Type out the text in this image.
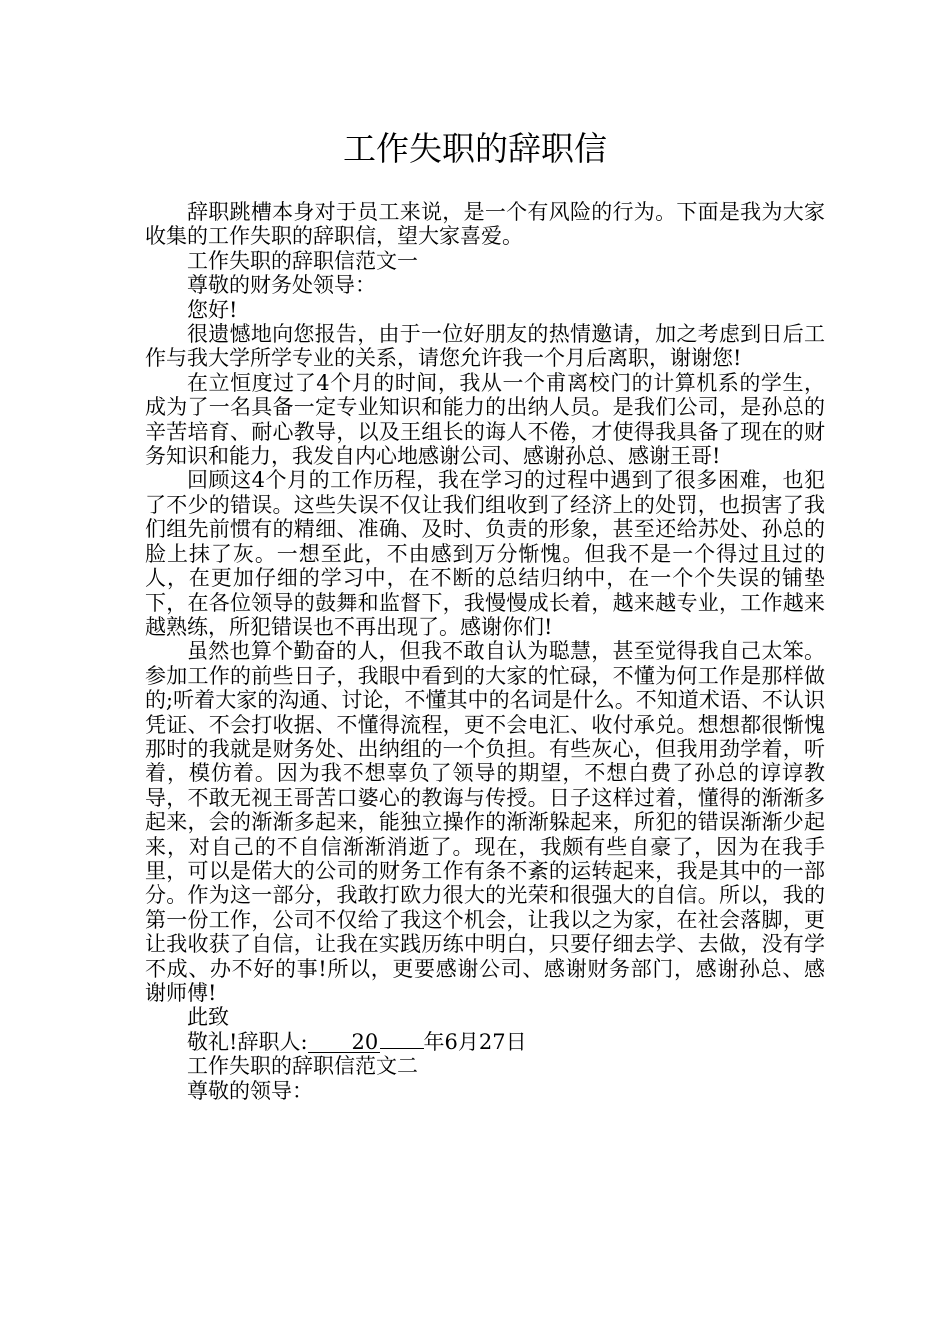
工作失职的辞职信

辞职跳槽本身对于员工来说，是一个有风险的行为。下面是我为大家收集的工作失职的辞职信，望大家喜爱。

工作失职的辞职信范文一

尊敬的财务处领导：

您好!

很遗憾地向您报告，由于一位好朋友的热情邀请，加之考虑到日后工作与我大学所学专业的关系，请您允许我一个月后离职，谢谢您!

在立恒度过了4个月的时间，我从一个甫离校门的计算机系的学生，成为了一名具备一定专业知识和能力的出纳人员。是我们公司，是孙总的辛苦培育、耐心教导，以及王组长的诲人不倦，才使得我具备了现在的财务知识和能力，我发自内心地感谢公司、感谢孙总、感谢王哥!

回顾这4个月的工作历程，我在学习的过程中遇到了很多困难，也犯了不少的错误。这些失误不仅让我们组收到了经济上的处罚，也损害了我们组先前惯有的精细、准确、及时、负责的形象，甚至还给苏处、孙总的脸上抹了灰。一想至此，不由感到万分惭愧。但我不是一个得过且过的人，在更加仔细的学习中，在不断的总结归纳中，在一个个失误的铺垫下，在各位领导的鼓舞和监督下，我慢慢成长着，越来越专业，工作越来越熟练，所犯错误也不再出现了。感谢你们!

虽然也算个勤奋的人，但我不敢自认为聪慧，甚至觉得我自己太笨。参加工作的前些日子，我眼中看到的大家的忙碌，不懂为何工作是那样做的;听着大家的沟通、讨论，不懂其中的名词是什么。不知道术语、不认识凭证、不会打收据、不懂得流程，更不会电汇、收付承兑。想想都很惭愧那时的我就是财务处、出纳组的一个负担。有些灰心，但我用劲学着，听着，模仿着。因为我不想辜负了领导的期望，不想白费了孙总的谆谆教导，不敢无视王哥苦口婆心的教诲与传授。日子这样过着，懂得的渐渐多起来，会的渐渐多起来，能独立操作的渐渐躲起来，所犯的错误渐渐少起来，对自己的不自信渐渐消逝了。现在，我颇有些自豪了，因为在我手里，可以是偌大的公司的财务工作有条不紊的运转起来，我是其中的一部分。作为这一部分，我敢打欧力很大的光荣和很强大的自信。所以，我的第一份工作，公司不仅给了我这个机会，让我以之为家，在社会落脚，更让我收获了自信，让我在实践历练中明白，只要仔细去学、去做，没有学不成、办不好的事!所以，更要感谢公司、感谢财务部门，感谢孙总、感谢师傅!

此致

敬礼!辞职人: 20 年6月27日

工作失职的辞职信范文二

尊敬的领导：
